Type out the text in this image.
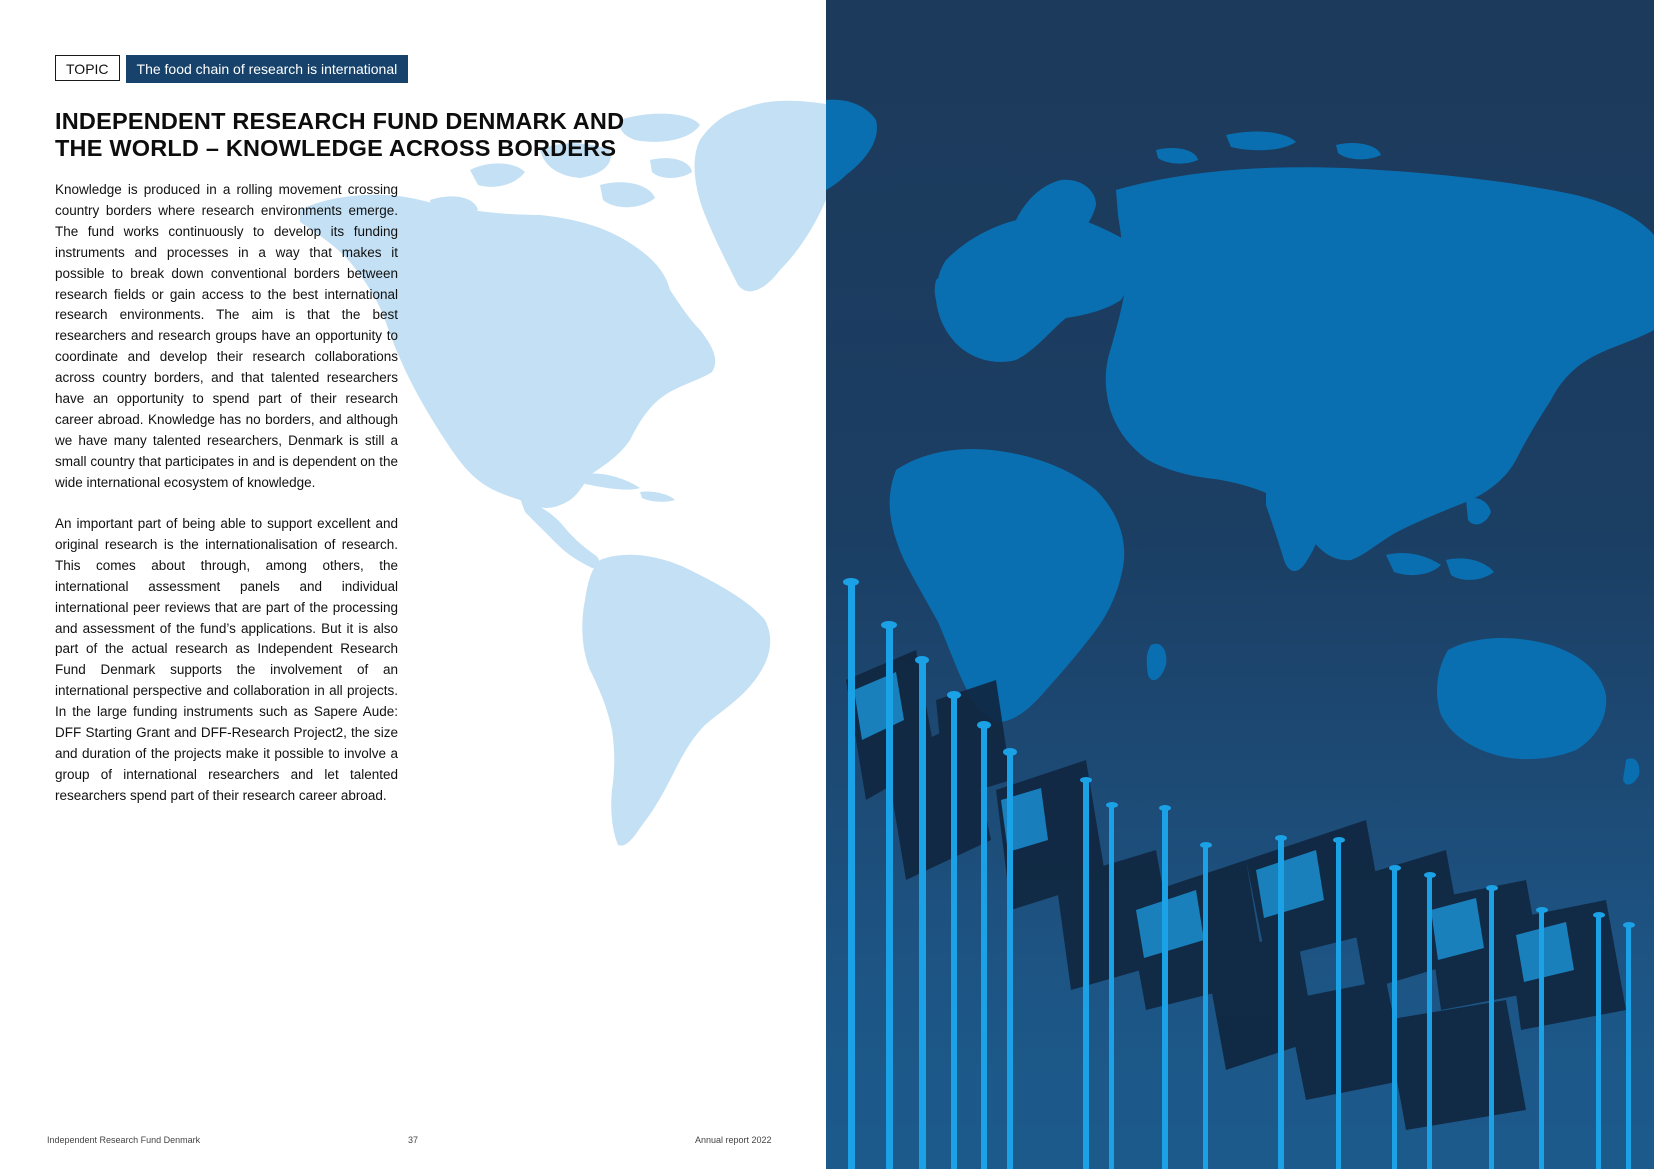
TOPIC	The food chain of research is international
INDEPENDENT RESEARCH FUND DENMARK AND THE WORLD – KNOWLEDGE ACROSS BORDERS

Knowledge is produced in a rolling movement crossing country borders where research environments emerge. The fund works continuously to develop its funding instruments and processes in a way that makes it possible to break down conventional borders between research fields or gain access to the best international research environments. The aim is that the best researchers and research groups have an opportunity to coordinate and develop their research collaborations across country borders, and that talented researchers have an opportunity to spend part of their research career abroad. Knowledge has no borders, and although we have many talented researchers, Denmark is still a small country that participates in and is dependent on the wide international ecosystem of knowledge.

An important part of being able to support excellent and original research is the internationalisation of research. This comes about through, among others, the international assessment panels and individual international peer reviews that are part of the processing and assessment of the fund’s applications. But it is also part of the actual research as Independent Research Fund Denmark supports the involvement of an international perspective and collaboration in all projects. In the large funding instruments such as Sapere Aude: DFF Starting Grant and DFF-Research Project2, the size and duration of the projects make it possible to involve a group of international researchers and let talented researchers spend part of their research career abroad.

Independent Research Fund Denmark	37	Annual report 2022
